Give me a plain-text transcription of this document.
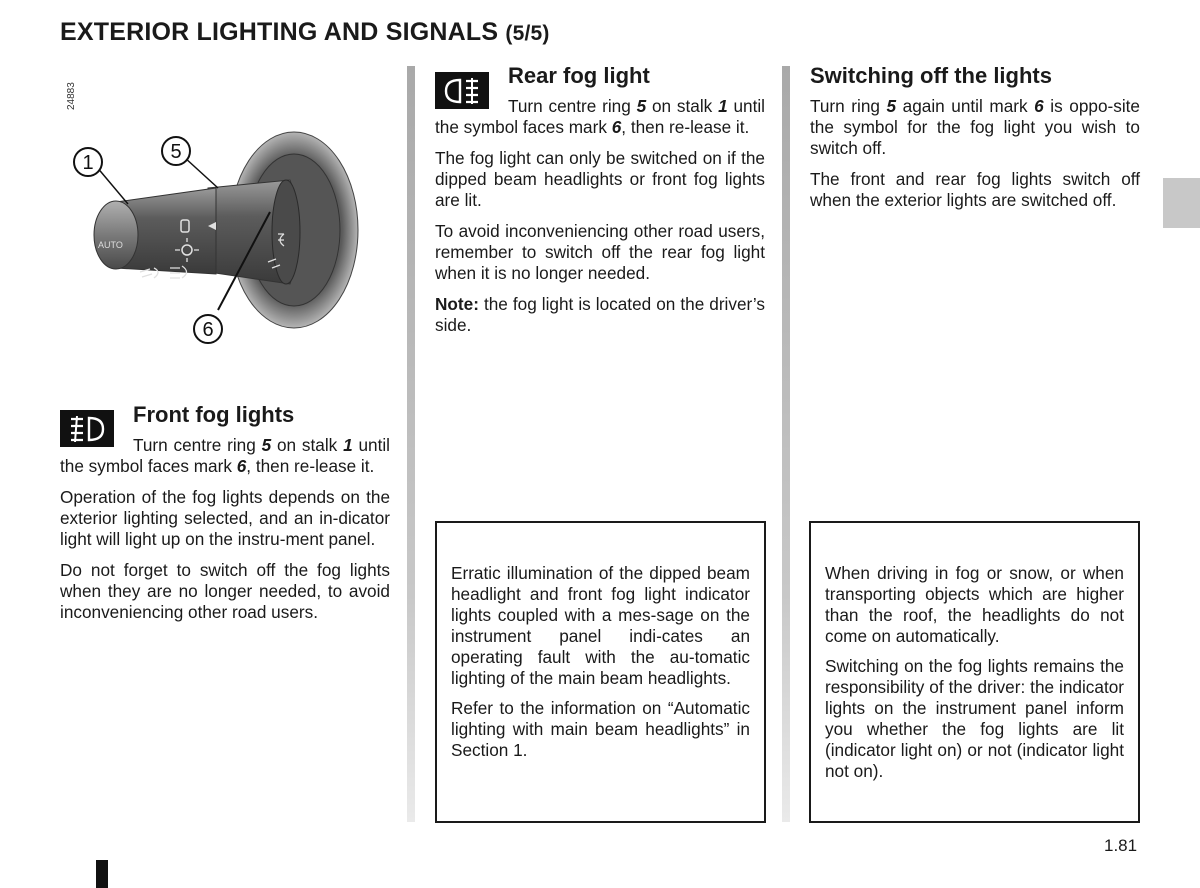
EXTERIOR LIGHTING AND SIGNALS (5/5)
24883
AUTO
1	5
6
Front fog lights

Turn centre ring 5 on stalk 1 until the symbol faces mark 6, then re-lease it.

Operation of the fog lights depends on the exterior lighting selected, and an in-dicator light will light up on the instru-ment panel.

Do not forget to switch off the fog lights when they are no longer needed, to avoid inconveniencing other road users.

Rear fog light

Turn centre ring 5 on stalk 1 until the symbol faces mark 6, then re-lease it.

The fog light can only be switched on if the dipped beam headlights or front fog lights are lit.

To avoid inconveniencing other road users, remember to switch off the rear fog light when it is no longer needed.

Note: the fog light is located on the driver’s side.

Switching off the lights

Turn ring 5 again until mark 6 is oppo-site the symbol for the fog light you wish to switch off.

The front and rear fog lights switch off when the exterior lights are switched off.

Erratic illumination of the dipped beam headlight and front fog light indicator lights coupled with a mes-sage on the instrument panel indi-cates an operating fault with the au-tomatic lighting of the main beam headlights.

Refer to the information on “Automatic lighting with main beam headlights” in Section 1.

When driving in fog or snow, or when transporting objects which are higher than the roof, the headlights do not come on automatically.

Switching on the fog lights remains the responsibility of the driver: the indicator lights on the instrument panel inform you whether the fog lights are lit (indicator light on) or not (indicator light not on).

1.81
